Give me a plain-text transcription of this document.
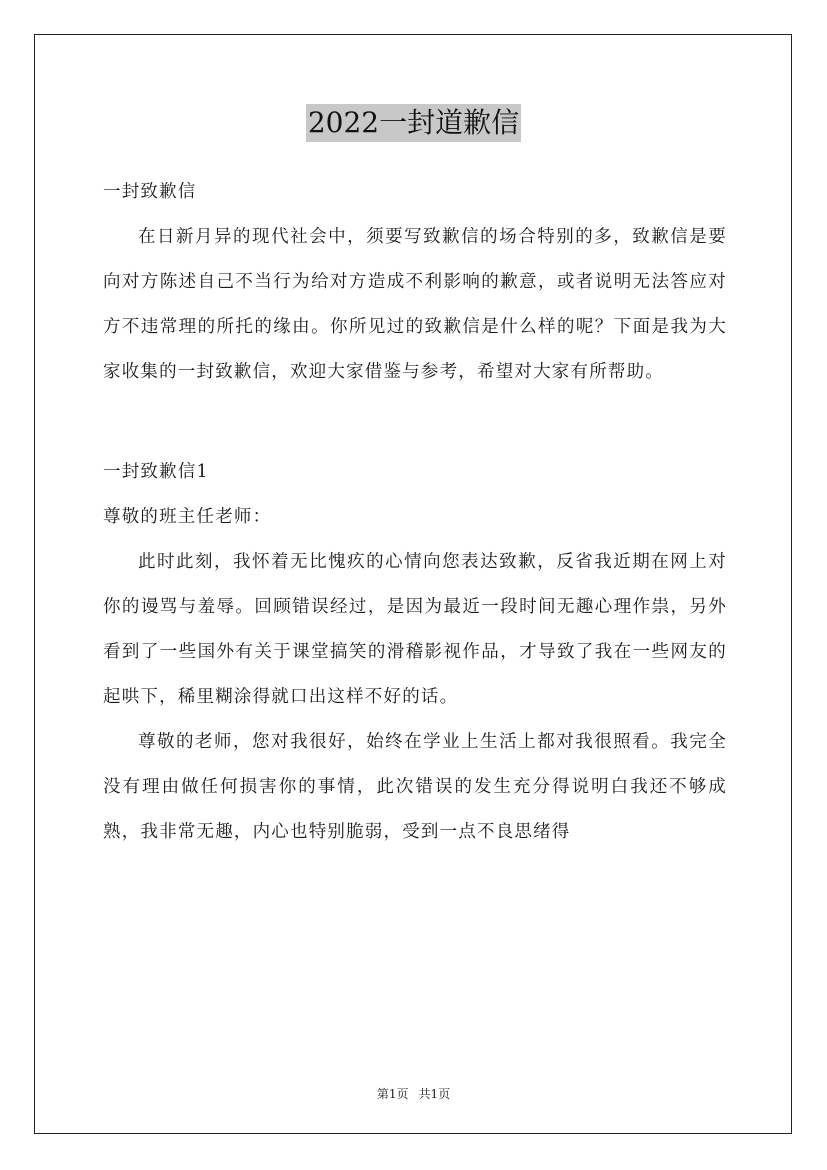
2022一封道歉信

一封致歉信

在日新月异的现代社会中，须要写致歉信的场合特别的多，致歉信是要向对方陈述自己不当行为给对方造成不利影响的歉意，或者说明无法答应对方不违常理的所托的缘由。你所见过的致歉信是什么样的呢？下面是我为大家收集的一封致歉信，欢迎大家借鉴与参考，希望对大家有所帮助。

一封致歉信1

尊敬的班主任老师：

此时此刻，我怀着无比愧疚的心情向您表达致歉，反省我近期在网上对你的谩骂与羞辱。回顾错误经过，是因为最近一段时间无趣心理作祟，另外看到了一些国外有关于课堂搞笑的滑稽影视作品，才导致了我在一些网友的起哄下，稀里糊涂得就口出这样不好的话。

尊敬的老师，您对我很好，始终在学业上生活上都对我很照看。我完全没有理由做任何损害你的事情，此次错误的发生充分得说明白我还不够成熟，我非常无趣，内心也特别脆弱，受到一点不良思绪得

第1页 共1页
